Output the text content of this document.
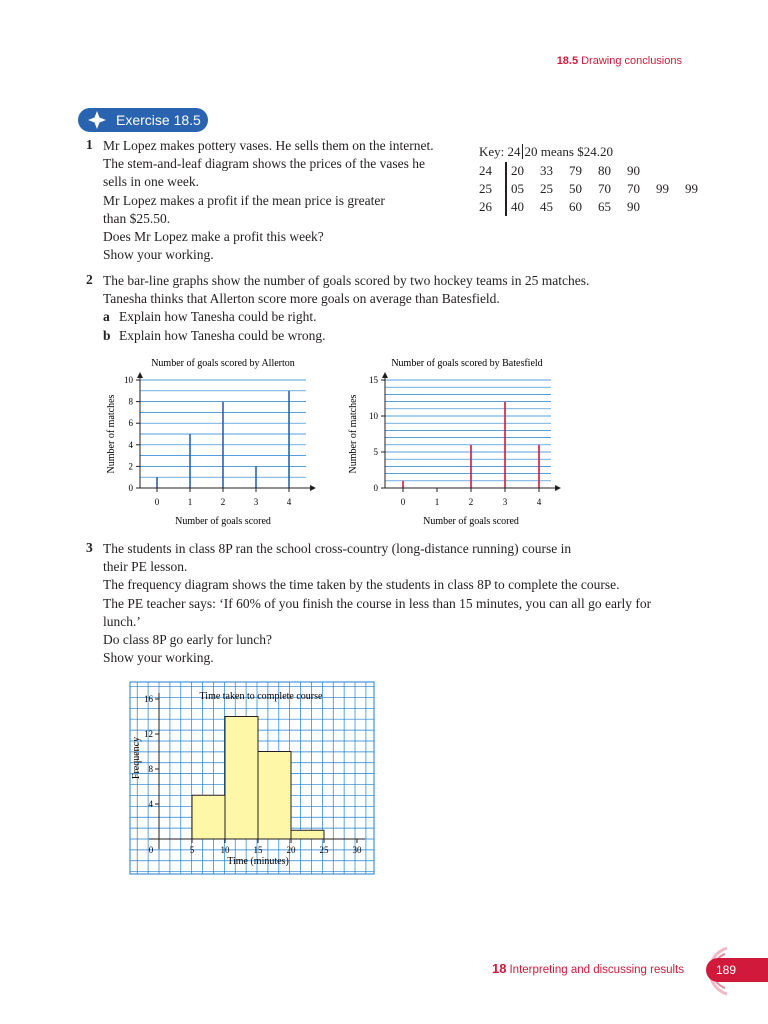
18.5 Drawing conclusions
Exercise 18.5
1 Mr Lopez makes pottery vases. He sells them on the internet.
The stem-and-leaf diagram shows the prices of the vases he
sells in one week.
Mr Lopez makes a profit if the mean price is greater
than $25.50.
Does Mr Lopez make a profit this week?
Show your working.
Key: 24 20 means $24.20
24	20	33	79	80	90		
25	05	25	50	70	70	99	99
26	40	45	60	65	90		
2 The bar-line graphs show the number of goals scored by two hockey teams in 25 matches.
Tanesha thinks that Allerton score more goals on average than Batesfield.
a Explain how Tanesha could be right.
b Explain how Tanesha could be wrong.
Number of goals scored by Allerton
Number of goals scored
Number of matches
0
2
4
6
8
10
0	1	2	3	4
Number of goals scored by Batesfield
Number of goals scored
Number of matches
0
5
10
15
0	1	2	3	4
3 The students in class 8P ran the school cross-country (long-distance running) course in
their PE lesson.
The frequency diagram shows the time taken by the students in class 8P to complete the course.
The PE teacher says: ‘If 60% of you finish the course in less than 15 minutes, you can all go early for
lunch.’
Do class 8P go early for lunch?
Show your working.
4
8
12
16
0	5	10	15	20	25	30
Time taken to complete course
Time (minutes)
Frequency
18 Interpreting and discussing results	189
